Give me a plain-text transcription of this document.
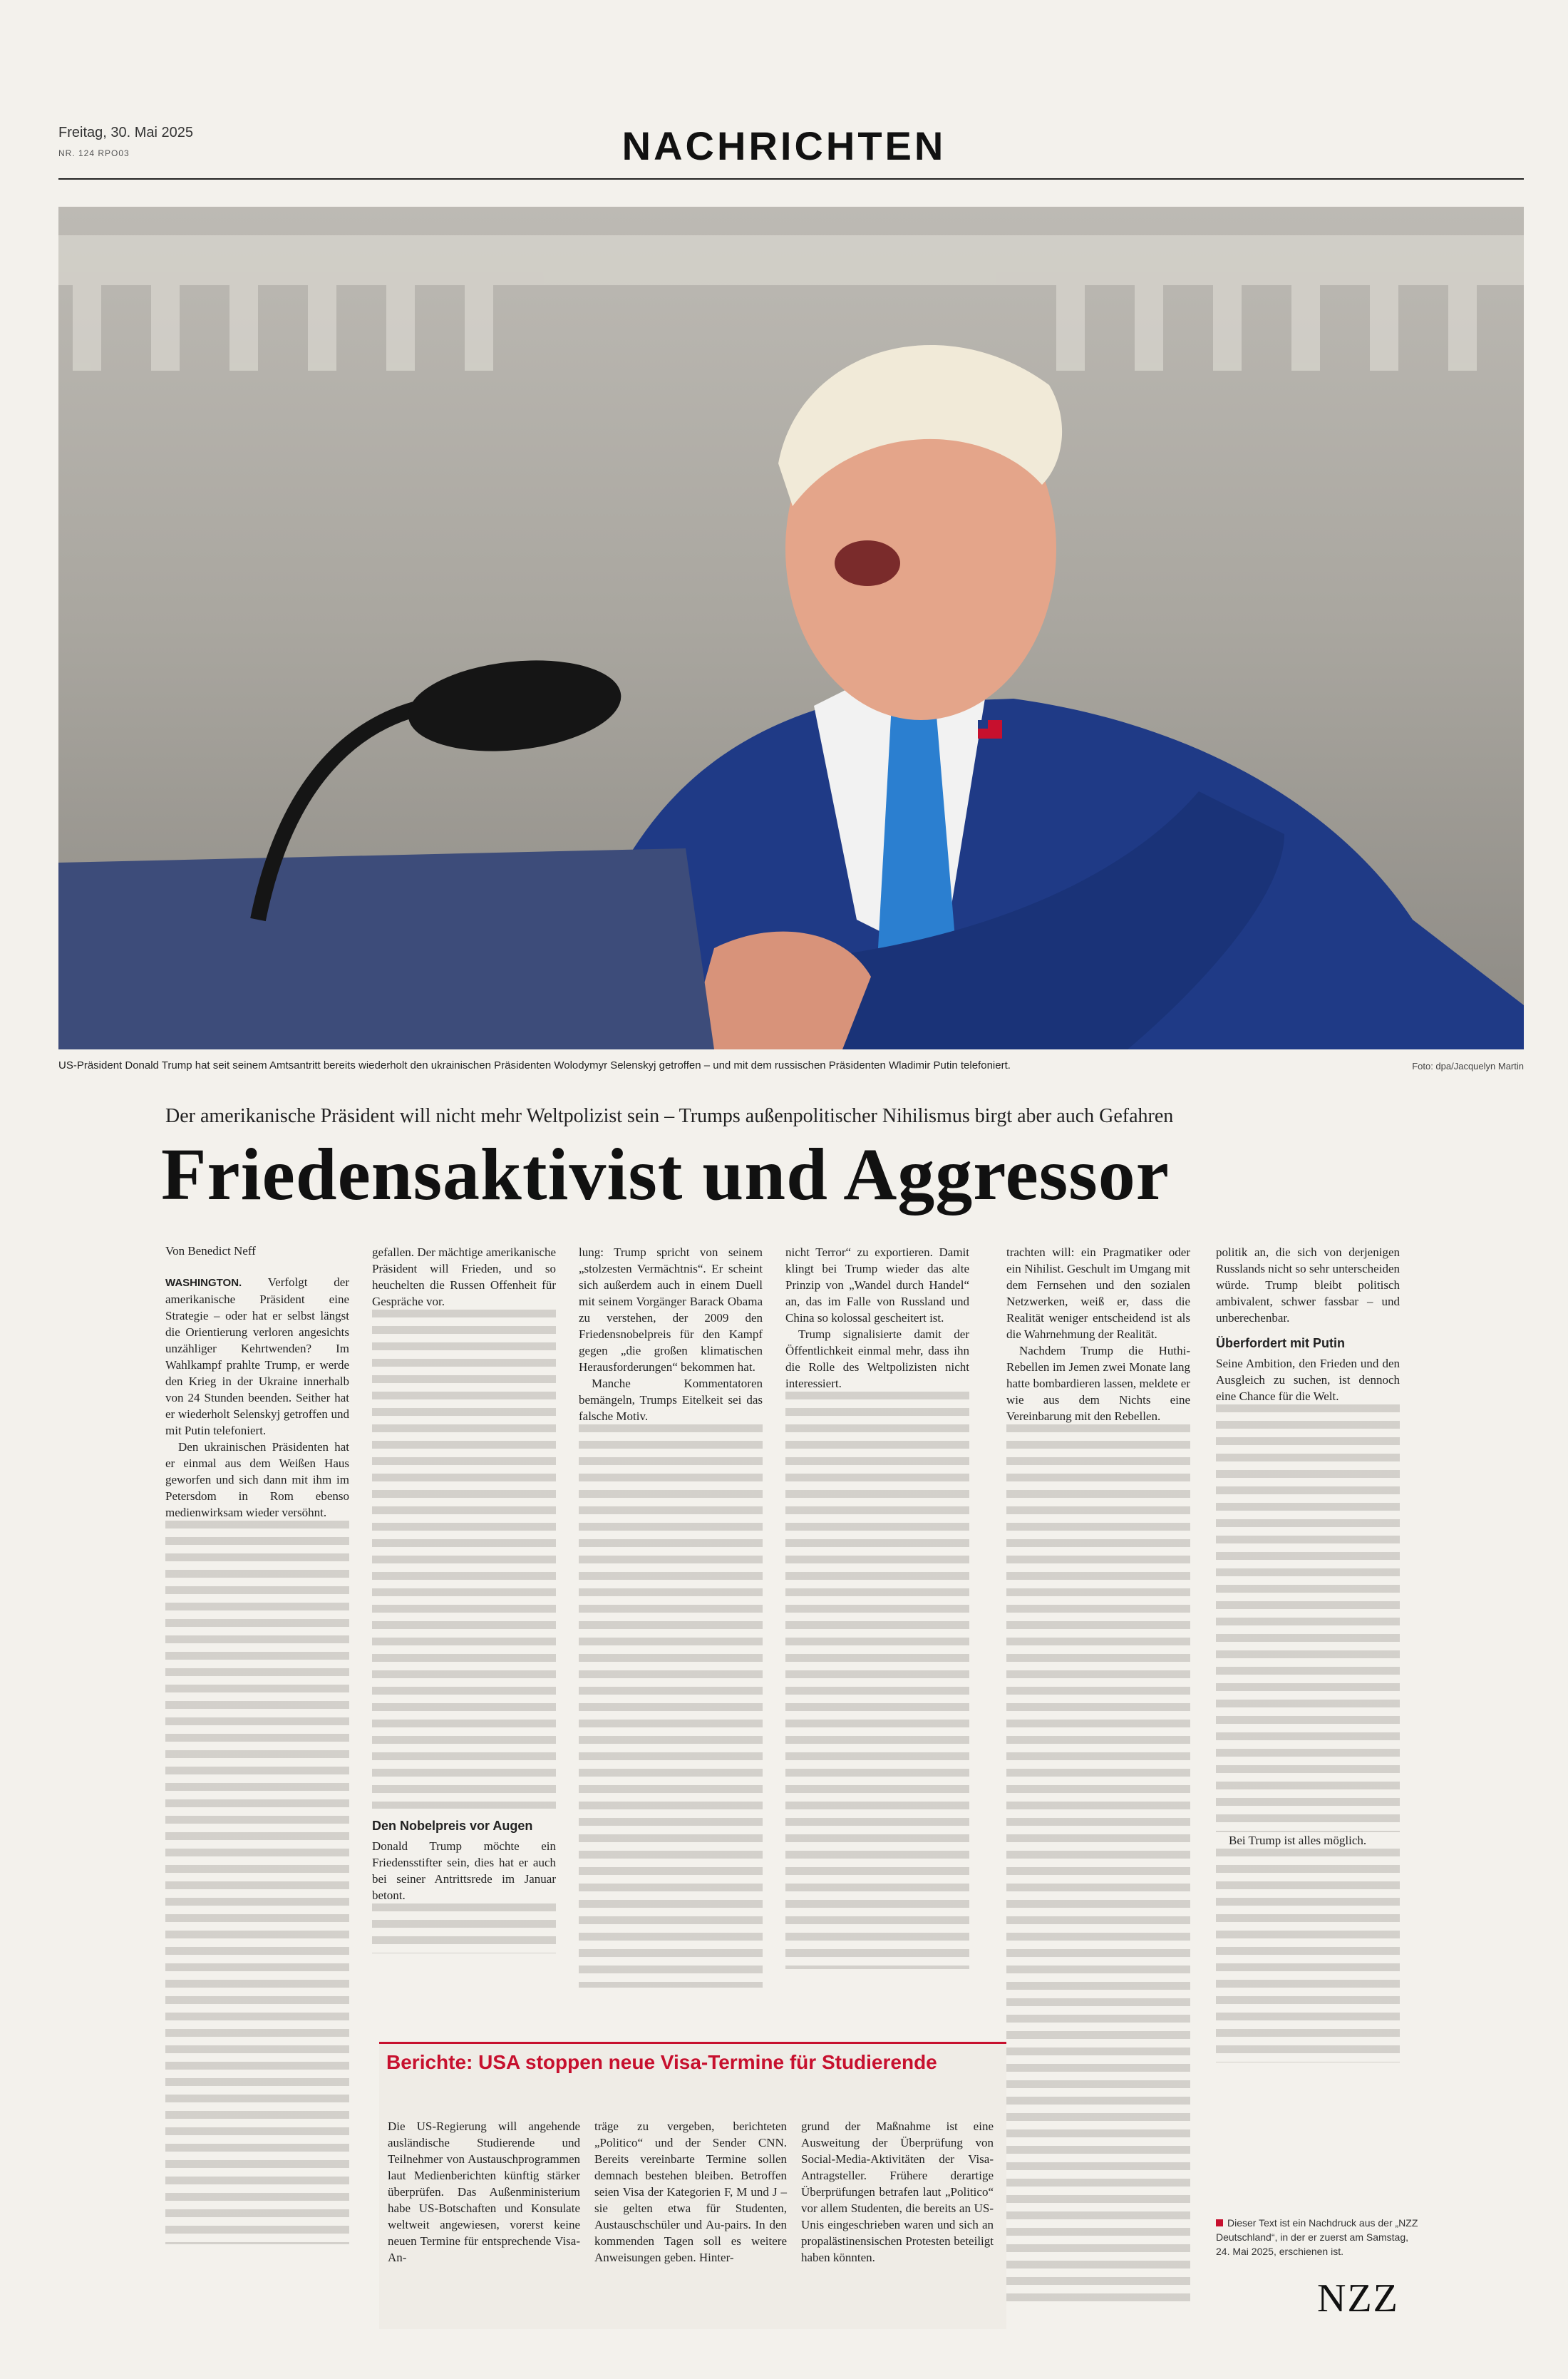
Freitag, 30. Mai 2025
NR. 124 RPO03	NACHRICHTEN
US-Präsident Donald Trump hat seit seinem Amtsantritt bereits wiederholt den ukrainischen Präsidenten Wolodymyr Selenskyj getroffen – und mit dem russischen Präsidenten Wladimir Putin telefoniert.	Foto: dpa/Jacquelyn Martin
Der amerikanische Präsident will nicht mehr Weltpolizist sein – Trumps außenpolitischer Nihilismus birgt aber auch Gefahren
Friedensaktivist und Aggressor
Von Benedict Neff

WASHINGTON. Verfolgt der amerikanische Präsident eine Strategie – oder hat er selbst längst die Orientierung verloren angesichts unzähliger Kehrtwenden? Im Wahlkampf prahlte Trump, er werde den Krieg in der Ukraine innerhalb von 24 Stunden beenden. Seither hat er wiederholt Selenskyj getroffen und mit Putin telefoniert.

Den ukrainischen Präsidenten hat er einmal aus dem Weißen Haus geworfen und sich dann mit ihm im Petersdom in Rom ebenso medienwirksam wieder versöhnt.

gefallen. Der mächtige amerikanische Präsident will Frieden, und so heuchelten die Russen Offenheit für Gespräche vor.

Den Nobelpreis vor Augen

Donald Trump möchte ein Friedensstifter sein, dies hat er auch bei seiner Antrittsrede im Januar betont.

lung: Trump spricht von seinem „stolzesten Vermächtnis“. Er scheint sich außerdem auch in einem Duell mit seinem Vorgänger Barack Obama zu verstehen, der 2009 den Friedensnobelpreis für den Kampf gegen „die großen klimatischen Herausforderungen“ bekommen hat.

Manche Kommentatoren bemängeln, Trumps Eitelkeit sei das falsche Motiv.

nicht Terror“ zu exportieren. Damit klingt bei Trump wieder das alte Prinzip von „Wandel durch Handel“ an, das im Falle von Russland und China so kolossal gescheitert ist.

Trump signalisierte damit der Öffentlichkeit einmal mehr, dass ihn die Rolle des Weltpolizisten nicht interessiert.

trachten will: ein Pragmatiker oder ein Nihilist. Geschult im Umgang mit dem Fernsehen und den sozialen Netzwerken, weiß er, dass die Realität weniger entscheidend ist als die Wahrnehmung der Realität.

Nachdem Trump die Huthi-Rebellen im Jemen zwei Monate lang hatte bombardieren lassen, meldete er wie aus dem Nichts eine Vereinbarung mit den Rebellen.

politik an, die sich von derjenigen Russlands nicht so sehr unterscheiden würde. Trump bleibt politisch ambivalent, schwer fassbar – und unberechenbar.

Überfordert mit Putin

Seine Ambition, den Frieden und den Ausgleich zu suchen, ist dennoch eine Chance für die Welt.

Bei Trump ist alles möglich.

Berichte: USA stoppen neue Visa-Termine für Studierende
Die US-Regierung will angehende ausländische Studierende und Teilnehmer von Austauschprogrammen laut Medienberichten künftig stärker überprüfen. Das Außenministerium habe US-Botschaften und Konsulate weltweit angewiesen, vorerst keine neuen Termine für entsprechende Visa-An-
träge zu vergeben, berichteten „Politico“ und der Sender CNN. Bereits vereinbarte Termine sollen demnach bestehen bleiben. Betroffen seien Visa der Kategorien F, M und J – sie gelten etwa für Studenten, Austauschschüler und Au-pairs. In den kommenden Tagen soll es weitere Anweisungen geben. Hinter-
grund der Maßnahme ist eine Ausweitung der Überprüfung von Social-Media-Aktivitäten der Visa-Antragsteller. Frühere derartige Überprüfungen betrafen laut „Politico“ vor allem Studenten, die bereits an US-Unis eingeschrieben waren und sich an propalästinensischen Protesten beteiligt haben könnten.
Dieser Text ist ein Nachdruck aus der „NZZ Deutschland“, in der er zuerst am Samstag, 24. Mai 2025, erschienen ist.
NZZ
